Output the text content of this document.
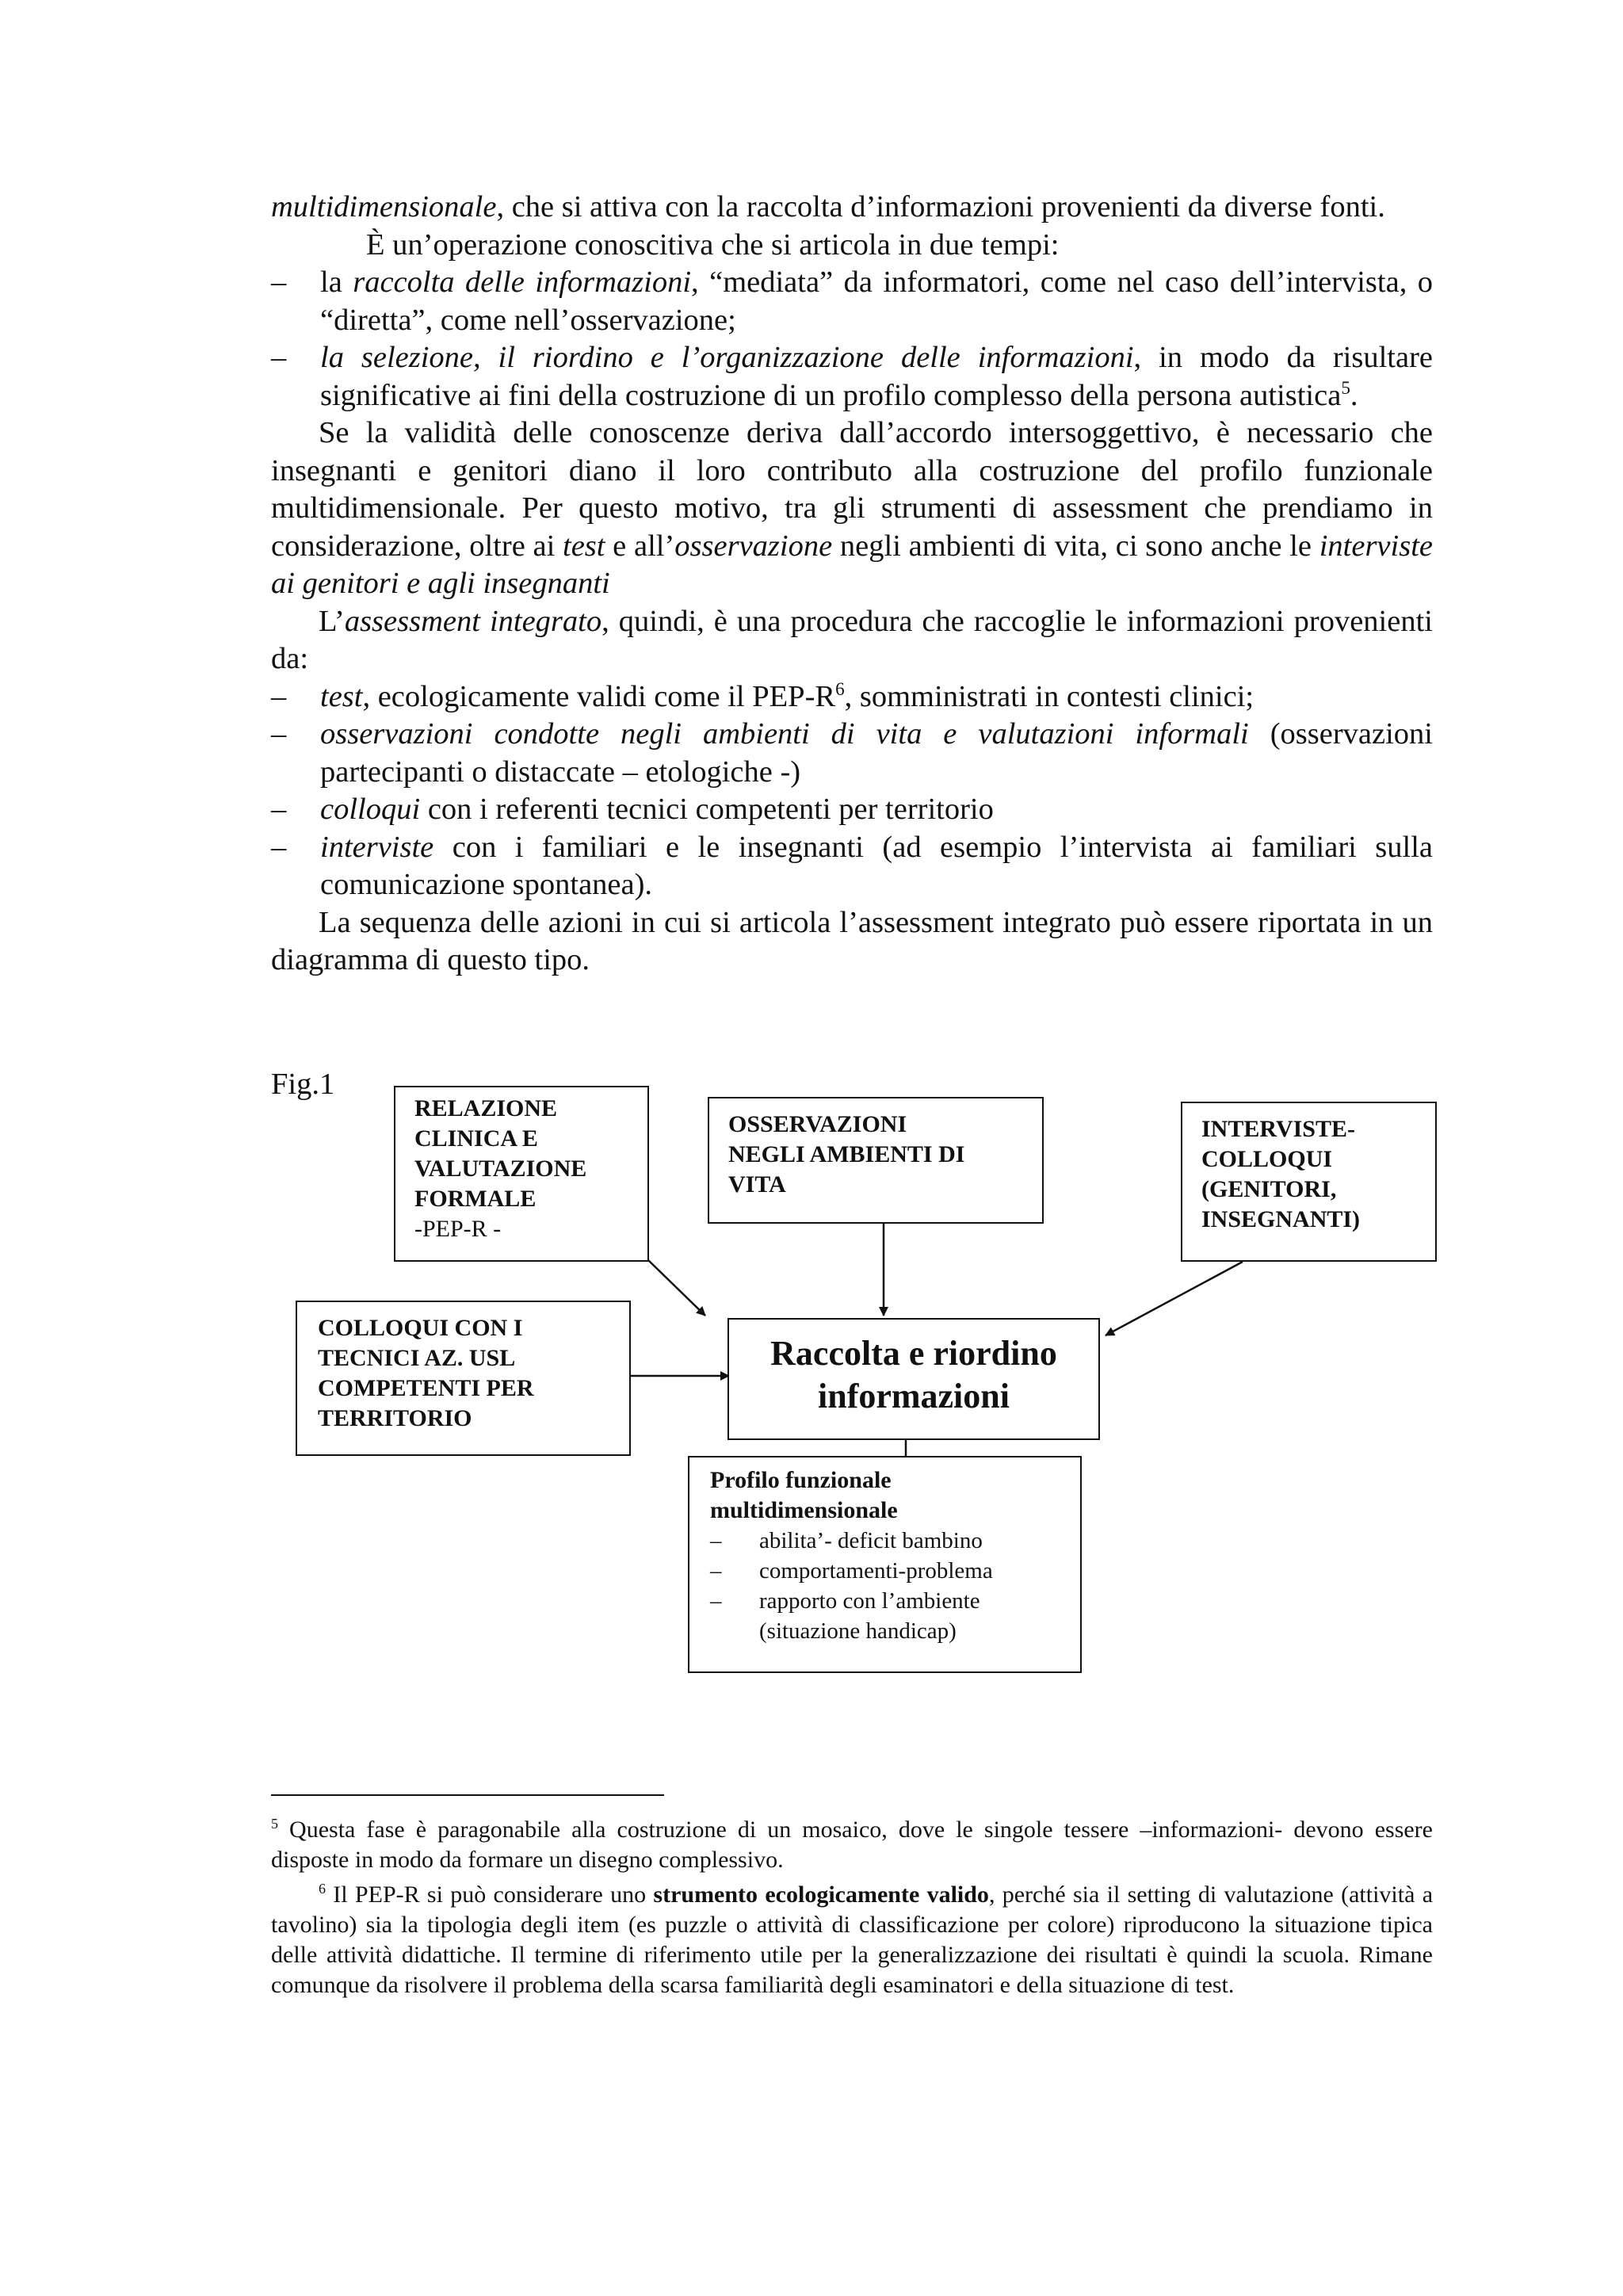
multidimensionale, che si attiva con la raccolta d’informazioni provenienti da diverse fonti.

È un’operazione conoscitiva che si articola in due tempi:

– la raccolta delle informazioni, “mediata” da informatori, come nel caso dell’intervista, o “diretta”, come nell’osservazione;

– la selezione, il riordino e l’organizzazione delle informazioni, in modo da risultare significative ai fini della costruzione di un profilo complesso della persona autistica$^5$.

Se la validità delle conoscenze deriva dall’accordo intersoggettivo, è necessario che insegnanti e genitori diano il loro contributo alla costruzione del profilo funzionale multidimensionale. Per questo motivo, tra gli strumenti di assessment che prendiamo in considerazione, oltre ai test e all’osservazione negli ambienti di vita, ci sono anche le interviste ai genitori e agli insegnanti

L’assessment integrato, quindi, è una procedura che raccoglie le informazioni provenienti da:

– test, ecologicamente validi come il PEP-$R^6$, somministrati in contesti clinici;

– osservazioni condotte negli ambienti di vita e valutazioni informali (osservazioni partecipanti o distaccate – etologiche -)

– colloqui con i referenti tecnici competenti per territorio

– interviste con i familiari e le insegnanti (ad esempio l’intervista ai familiari sulla comunicazione spontanea).

La sequenza delle azioni in cui si articola l’assessment integrato può essere riportata in un diagramma di questo tipo.

Fig.1
RELAZIONE
CLINICA E
VALUTAZIONE
FORMALE
-PEP-R -
OSSERVAZIONI
NEGLI AMBIENTI DI
VITA
INTERVISTE-
COLLOQUI
(GENITORI,
INSEGNANTI)
COLLOQUI CON I
TECNICI AZ. USL
COMPETENTI PER
TERRITORIO
Raccolta e riordino
informazioni
Profilo funzionale
multidimensionale
– abilita’- deficit bambino
– comportamenti-problema
– rapporto con l’ambiente
(situazione handicap)

$^5$ Questa fase è paragonabile alla costruzione di un mosaico, dove le singole tessere –informazioni- devono essere disposte in modo da formare un disegno complessivo.

$^6$ Il PEP-R si può considerare uno strumento ecologicamente valido, perché sia il setting di valutazione (attività a tavolino) sia la tipologia degli item (es puzzle o attività di classificazione per colore) riproducono la situazione tipica delle attività didattiche. Il termine di riferimento utile per la generalizzazione dei risultati è quindi la scuola. Rimane comunque da risolvere il problema della scarsa familiarità degli esaminatori e della situazione di test.
